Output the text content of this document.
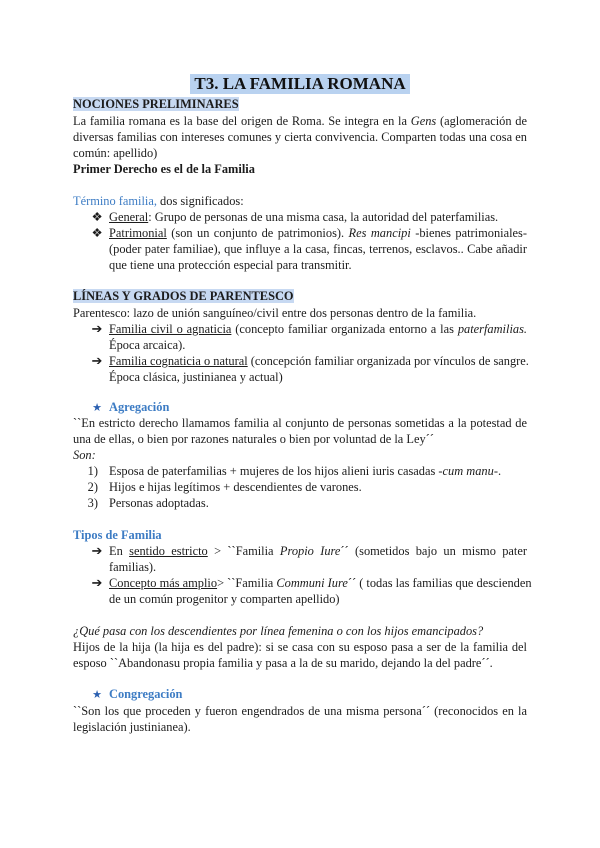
T3. LA FAMILIA ROMANA
NOCIONES PRELIMINARES
La familia romana es la base del origen de Roma. Se integra en la Gens (aglomeración de
diversas familias con intereses comunes y cierta convivencia. Comparten todas una cosa en
común: apellido)
Primer Derecho es el de la Familia
Término familia, dos significados:
❖ General: Grupo de personas de una misma casa, la autoridad del paterfamilias.
❖ Patrimonial (son un conjunto de patrimonios). Res mancipi -bienes patrimoniales-
(poder pater familiae), que influye a la casa, fincas, terrenos, esclavos.. Cabe añadir
que tiene una protección especial para transmitir.
LÍNEAS Y GRADOS DE PARENTESCO
Parentesco: lazo de unión sanguíneo/civil entre dos personas dentro de la familia.
➔ Familia civil o agnaticia (concepto familiar organizada entorno a las paterfamilias.
Época arcaica).
➔ Familia cognaticia o natural (concepción familiar organizada por vínculos de sangre.
Época clásica, justinianea y actual)
★ Agregación
``En estricto derecho llamamos familia al conjunto de personas sometidas a la potestad de
una de ellas, o bien por razones naturales o bien por voluntad de la Ley´´
Son:
1) Esposa de paterfamilias + mujeres de los hijos alieni iuris casadas -cum manu-.
2) Hijos e hijas legítimos + descendientes de varones.
3) Personas adoptadas.
Tipos de Familia
➔ En sentido estricto > ``Familia Propio Iure´´ (sometidos bajo un mismo pater
familias).
➔ Concepto más amplio> ``Familia Communi Iure´´ ( todas las familias que descienden
de un común progenitor y comparten apellido)
¿Qué pasa con los descendientes por línea femenina o con los hijos emancipados?
Hijos de la hija (la hija es del padre): si se casa con su esposo pasa a ser de la familia del
esposo ``Abandonasu propia familia y pasa a la de su marido, dejando la del padre´´.
★ Congregación
``Son los que proceden y fueron engendrados de una misma persona´´ (reconocidos en la
legislación justinianea).
